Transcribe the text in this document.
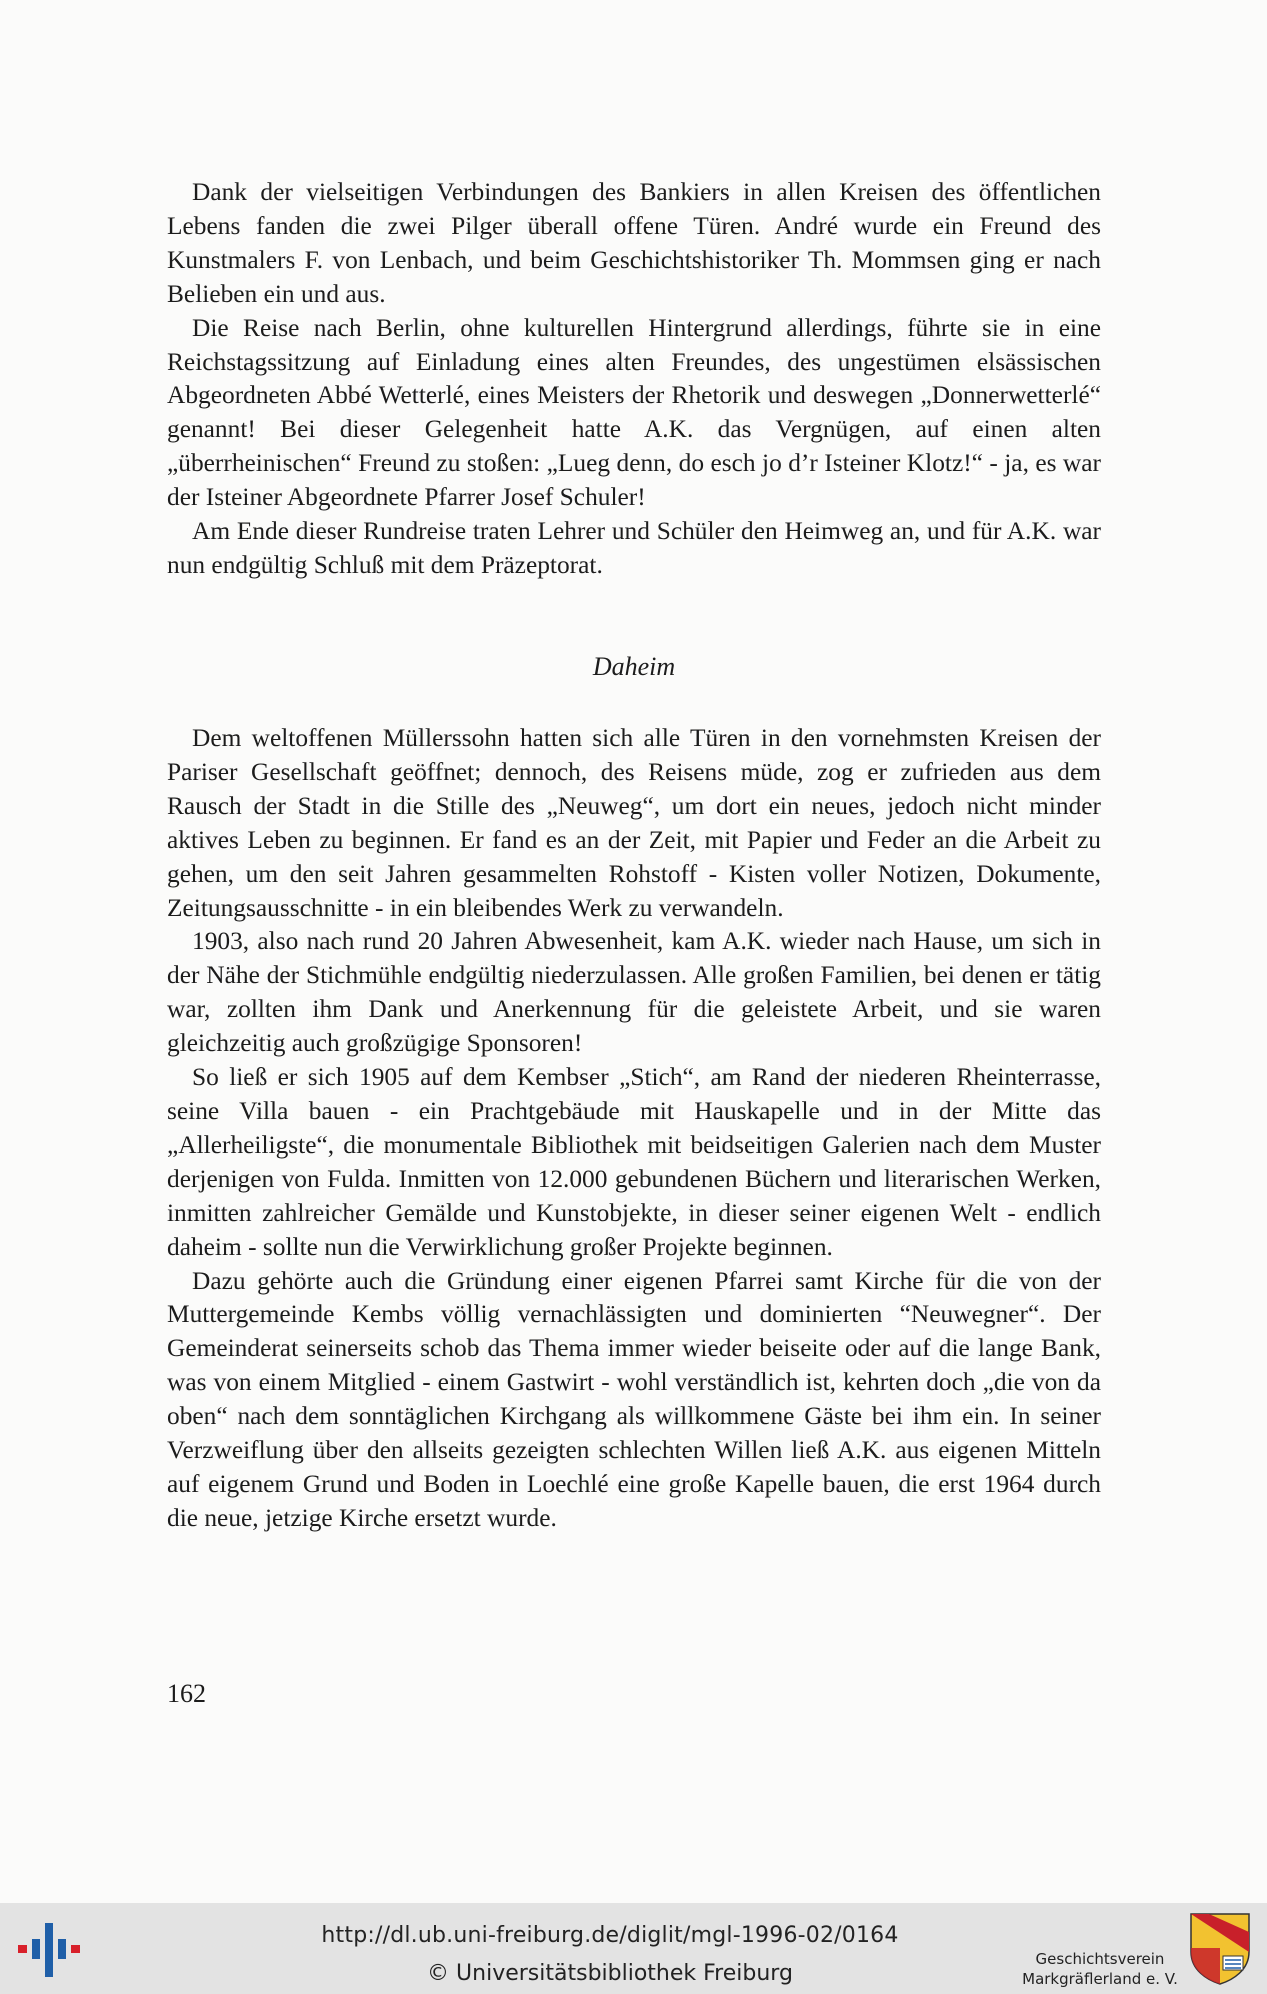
Dank der vielseitigen Verbindungen des Bankiers in allen Kreisen des öffentlichen Lebens fanden die zwei Pilger überall offene Türen. André wurde ein Freund des Kunstmalers F. von Lenbach, und beim Geschichtshistoriker Th. Mommsen ging er nach Belieben ein und aus.

Die Reise nach Berlin, ohne kulturellen Hintergrund allerdings, führte sie in eine Reichstagssitzung auf Einladung eines alten Freundes, des ungestümen elsässischen Abgeordneten Abbé Wetterlé, eines Meisters der Rhetorik und deswegen „Donnerwetterlé“ genannt! Bei dieser Gelegenheit hatte A.K. das Vergnügen, auf einen alten „überrheinischen“ Freund zu stoßen: „Lueg denn, do esch jo d’r Isteiner Klotz!“ - ja, es war der Isteiner Abgeordnete Pfarrer Josef Schuler!

Am Ende dieser Rundreise traten Lehrer und Schüler den Heimweg an, und für A.K. war nun endgültig Schluß mit dem Präzeptorat.

Daheim

Dem weltoffenen Müllerssohn hatten sich alle Türen in den vornehmsten Kreisen der Pariser Gesellschaft geöffnet; dennoch, des Reisens müde, zog er zufrieden aus dem Rausch der Stadt in die Stille des „Neuweg“, um dort ein neues, jedoch nicht minder aktives Leben zu beginnen. Er fand es an der Zeit, mit Papier und Feder an die Arbeit zu gehen, um den seit Jahren gesammelten Rohstoff - Kisten voller Notizen, Dokumente, Zeitungsausschnitte - in ein bleibendes Werk zu verwandeln.

1903, also nach rund 20 Jahren Abwesenheit, kam A.K. wieder nach Hause, um sich in der Nähe der Stichmühle endgültig niederzulassen. Alle großen Familien, bei denen er tätig war, zollten ihm Dank und Anerkennung für die geleistete Arbeit, und sie waren gleichzeitig auch großzügige Sponsoren!

So ließ er sich 1905 auf dem Kembser „Stich“, am Rand der niederen Rheinterrasse, seine Villa bauen - ein Prachtgebäude mit Hauskapelle und in der Mitte das „Allerheiligste“, die monumentale Bibliothek mit beidseitigen Galerien nach dem Muster derjenigen von Fulda. Inmitten von 12.000 gebundenen Büchern und literarischen Werken, inmitten zahlreicher Gemälde und Kunstobjekte, in dieser seiner eigenen Welt - endlich daheim - sollte nun die Verwirklichung großer Projekte beginnen.

Dazu gehörte auch die Gründung einer eigenen Pfarrei samt Kirche für die von der Muttergemeinde Kembs völlig vernachlässigten und dominierten “Neuwegner“. Der Gemeinderat seinerseits schob das Thema immer wieder beiseite oder auf die lange Bank, was von einem Mitglied - einem Gastwirt - wohl verständlich ist, kehrten doch „die von da oben“ nach dem sonntäglichen Kirchgang als willkommene Gäste bei ihm ein. In seiner Verzweiflung über den allseits gezeigten schlechten Willen ließ A.K. aus eigenen Mitteln auf eigenem Grund und Boden in Loechlé eine große Kapelle bauen, die erst 1964 durch die neue, jetzige Kirche ersetzt wurde.

162

http://dl.ub.uni-freiburg.de/diglit/mgl-1996-02/0164
© Universitätsbibliothek Freiburg
Geschichtsverein
Markgräflerland e. V.
